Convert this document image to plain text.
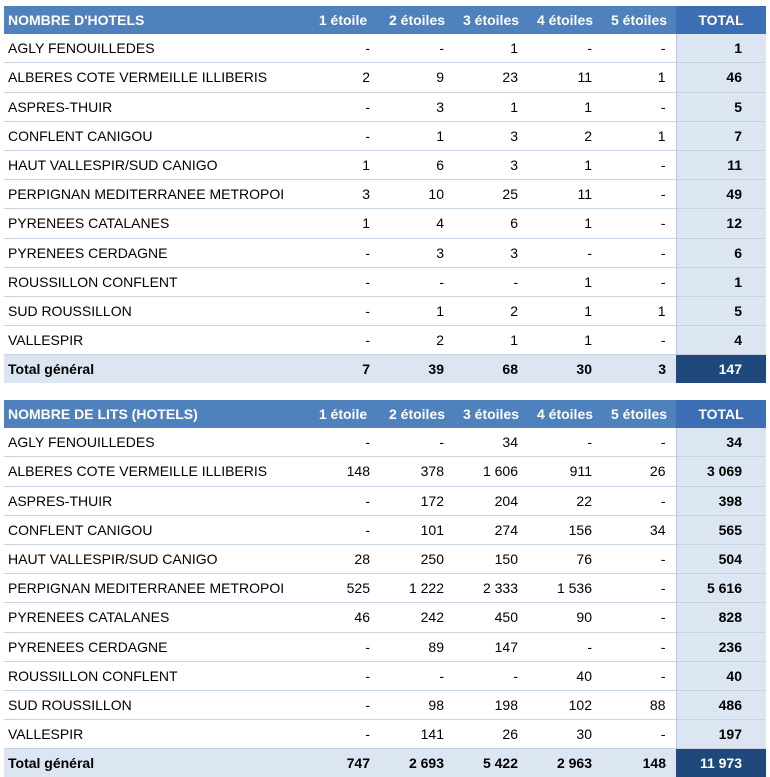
NOMBRE D'HOTELS	1 étoile	2 étoiles	3 étoiles	4 étoiles	5 étoiles	TOTAL
AGLY FENOUILLEDES	-	-	1	-	-	1
ALBERES COTE VERMEILLE ILLIBERIS	2	9	23	11	1	46
ASPRES-THUIR	-	3	1	1	-	5
CONFLENT CANIGOU	-	1	3	2	1	7
HAUT VALLESPIR/SUD CANIGO	1	6	3	1	-	11
PERPIGNAN MEDITERRANEE METROPOI	3	10	25	11	-	49
PYRENEES CATALANES	1	4	6	1	-	12
PYRENEES CERDAGNE	-	3	3	-	-	6
ROUSSILLON CONFLENT	-	-	-	1	-	1
SUD ROUSSILLON	-	1	2	1	1	5
VALLESPIR	-	2	1	1	-	4
Total général	7	39	68	30	3	147
NOMBRE DE LITS (HOTELS)	1 étoile	2 étoiles	3 étoiles	4 étoiles	5 étoiles	TOTAL
AGLY FENOUILLEDES	-	-	34	-	-	34
ALBERES COTE VERMEILLE ILLIBERIS	148	378	1 606	911	26	3 069
ASPRES-THUIR	-	172	204	22	-	398
CONFLENT CANIGOU	-	101	274	156	34	565
HAUT VALLESPIR/SUD CANIGO	28	250	150	76	-	504
PERPIGNAN MEDITERRANEE METROPOI	525	1 222	2 333	1 536	-	5 616
PYRENEES CATALANES	46	242	450	90	-	828
PYRENEES CERDAGNE	-	89	147	-	-	236
ROUSSILLON CONFLENT	-	-	-	40	-	40
SUD ROUSSILLON	-	98	198	102	88	486
VALLESPIR	-	141	26	30	-	197
Total général	747	2 693	5 422	2 963	148	11 973
